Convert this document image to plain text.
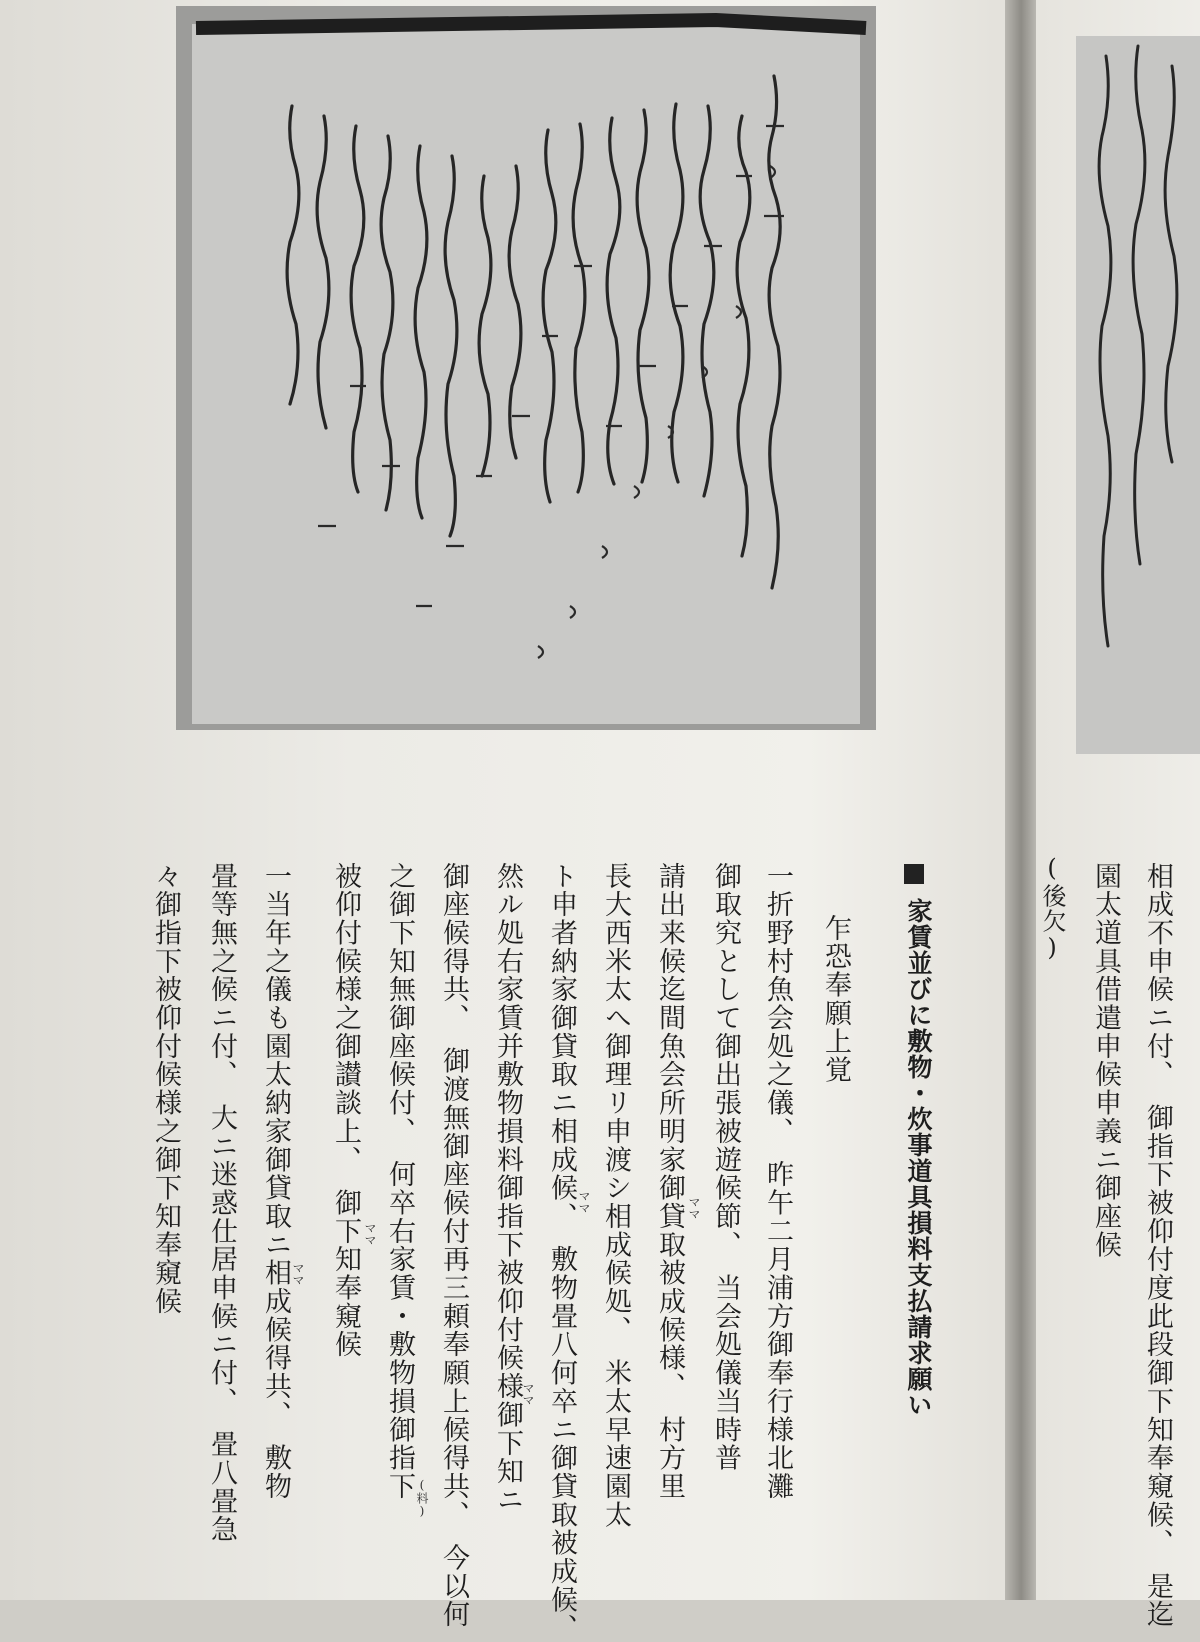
家賃並びに敷物・炊事道具損料支払請求願い
乍恐奉願上覚
一折野村魚会処之儀、　昨午二月浦方御奉行様北灘
御取究として御出張被遊候節、　当会処儀当時普
請出来候迄間魚会所明家御貸取被成候様、　村方里
長大西米太へ御理リ申渡シ相成候処、　米太早速園太
ト申者納家御貸取ニ相成候、　敷物畳八何卒ニ御貸取被成候、
然ル処右家賃并敷物損料御指下被仰付候様御下知ニ
御座候得共、　御渡無御座候付再三頼奉願上候得共、　今以何
之御下知無御座候付、　何卒右家賃・敷物損御指下
被仰付候様之御讃談上、　御下知奉窺候
一当年之儀も園太納家御貸取ニ相成候得共、　敷物
畳等無之候ニ付、　大ニ迷惑仕居申候ニ付、　畳八畳急
々御指下被仰付候様之御下知奉窺候	ママ
ママ
ママ
ママ
ママ
(料)	相成不申候ニ付、　御指下被仰付度此段御下知奉窺候、　是迄
園太道具借遣申候申義ニ御座候
(後欠)
